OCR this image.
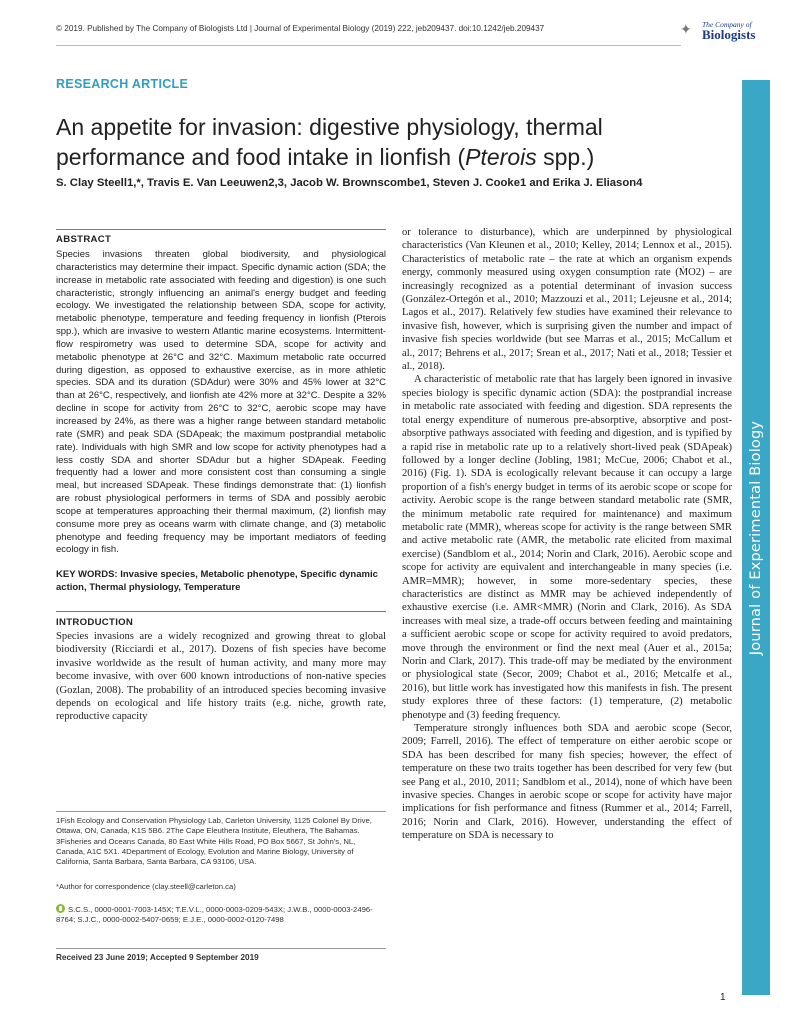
© 2019. Published by The Company of Biologists Ltd | Journal of Experimental Biology (2019) 222, jeb209437. doi:10.1242/jeb.209437	✦ The Company of
Biologists
Journal of Experimental Biology
RESEARCH ARTICLE
An appetite for invasion: digestive physiology, thermal performance and food intake in lionfish (Pterois spp.)
S. Clay Steell1,*, Travis E. Van Leeuwen2,3, Jacob W. Brownscombe1, Steven J. Cooke1 and Erika J. Eliason4
ABSTRACT

Species invasions threaten global biodiversity, and physiological characteristics may determine their impact. Specific dynamic action (SDA; the increase in metabolic rate associated with feeding and digestion) is one such characteristic, strongly influencing an animal's energy budget and feeding ecology. We investigated the relationship between SDA, scope for activity, metabolic phenotype, temperature and feeding frequency in lionfish (Pterois spp.), which are invasive to western Atlantic marine ecosystems. Intermittent-flow respirometry was used to determine SDA, scope for activity and metabolic phenotype at 26°C and 32°C. Maximum metabolic rate occurred during digestion, as opposed to exhaustive exercise, as in more athletic species. SDA and its duration (SDAdur) were 30% and 45% lower at 32°C than at 26°C, respectively, and lionfish ate 42% more at 32°C. Despite a 32% decline in scope for activity from 26°C to 32°C, aerobic scope may have increased by 24%, as there was a higher range between standard metabolic rate (SMR) and peak SDA (SDApeak; the maximum postprandial metabolic rate). Individuals with high SMR and low scope for activity phenotypes had a less costly SDA and shorter SDAdur but a higher SDApeak. Feeding frequently had a lower and more consistent cost than consuming a single meal, but increased SDApeak. These findings demonstrate that: (1) lionfish are robust physiological performers in terms of SDA and possibly aerobic scope at temperatures approaching their thermal maximum, (2) lionfish may consume more prey as oceans warm with climate change, and (3) metabolic phenotype and feeding frequency may be important mediators of feeding ecology in fish.

KEY WORDS: Invasive species, Metabolic phenotype, Specific dynamic action, Thermal physiology, Temperature
INTRODUCTION

Species invasions are a widely recognized and growing threat to global biodiversity (Ricciardi et al., 2017). Dozens of fish species have become invasive worldwide as the result of human activity, and many more may become invasive, with over 600 known introductions of non-native species (Gozlan, 2008). The probability of an introduced species becoming invasive depends on ecological and life history traits (e.g. niche, growth rate, reproductive capacity

1Fish Ecology and Conservation Physiology Lab, Carleton University, 1125 Colonel By Drive, Ottawa, ON, Canada, K1S 5B6. 2The Cape Eleuthera Institute, Eleuthera, The Bahamas. 3Fisheries and Oceans Canada, 80 East White Hills Road, PO Box 5667, St John's, NL, Canada, A1C 5X1. 4Department of Ecology, Evolution and Marine Biology, University of California, Santa Barbara, Santa Barbara, CA 93106, USA.

*Author for correspondence (clay.steell@carleton.ca)
S.C.S., 0000-0001-7003-145X; T.E.V.L., 0000-0003-0209-543X; J.W.B., 0000-0003-2496-8764; S.J.C., 0000-0002-5407-0659; E.J.E., 0000-0002-0120-7498
Received 23 June 2019; Accepted 9 September 2019

or tolerance to disturbance), which are underpinned by physiological characteristics (Van Kleunen et al., 2010; Kelley, 2014; Lennox et al., 2015). Characteristics of metabolic rate – the rate at which an organism expends energy, commonly measured using oxygen consumption rate (ṀO2) – are increasingly recognized as a potential determinant of invasion success (González-Ortegón et al., 2010; Mazzouzi et al., 2011; Lejeusne et al., 2014; Lagos et al., 2017). Relatively few studies have examined their relevance to invasive fish, however, which is surprising given the number and impact of invasive fish species worldwide (but see Marras et al., 2015; McCallum et al., 2017; Behrens et al., 2017; Srean et al., 2017; Nati et al., 2018; Tessier et al., 2018).

A characteristic of metabolic rate that has largely been ignored in invasive species biology is specific dynamic action (SDA): the postprandial increase in metabolic rate associated with feeding and digestion. SDA represents the total energy expenditure of numerous pre-absorptive, absorptive and post-absorptive pathways associated with feeding and digestion, and is typified by a rapid rise in metabolic rate up to a relatively short-lived peak (SDApeak) followed by a longer decline (Jobling, 1981; McCue, 2006; Chabot et al., 2016) (Fig. 1). SDA is ecologically relevant because it can occupy a large proportion of a fish's energy budget in terms of its aerobic scope or scope for activity. Aerobic scope is the range between standard metabolic rate (SMR, the minimum metabolic rate required for maintenance) and maximum metabolic rate (MMR), whereas scope for activity is the range between SMR and active metabolic rate (AMR, the metabolic rate elicited from maximal exercise) (Sandblom et al., 2014; Norin and Clark, 2016). Aerobic scope and scope for activity are equivalent and interchangeable in many species (i.e. AMR=MMR); however, in some more-sedentary species, these characteristics are distinct as MMR may be achieved independently of exhaustive exercise (i.e. AMR<MMR) (Norin and Clark, 2016). As SDA increases with meal size, a trade-off occurs between feeding and maintaining a sufficient aerobic scope or scope for activity required to avoid predators, move through the environment or find the next meal (Auer et al., 2015a; Norin and Clark, 2017). This trade-off may be mediated by the environment or physiological state (Secor, 2009; Chabot et al., 2016; Metcalfe et al., 2016), but little work has investigated how this manifests in fish. The present study explores three of these factors: (1) temperature, (2) metabolic phenotype and (3) feeding frequency.

Temperature strongly influences both SDA and aerobic scope (Secor, 2009; Farrell, 2016). The effect of temperature on either aerobic scope or SDA has been described for many fish species; however, the effect of temperature on these two traits together has been described for very few (but see Pang et al., 2010, 2011; Sandblom et al., 2014), none of which have been invasive species. Changes in aerobic scope or scope for activity have major implications for fish performance and fitness (Rummer et al., 2014; Farrell, 2016; Norin and Clark, 2016). However, understanding the effect of temperature on SDA is necessary to

1
